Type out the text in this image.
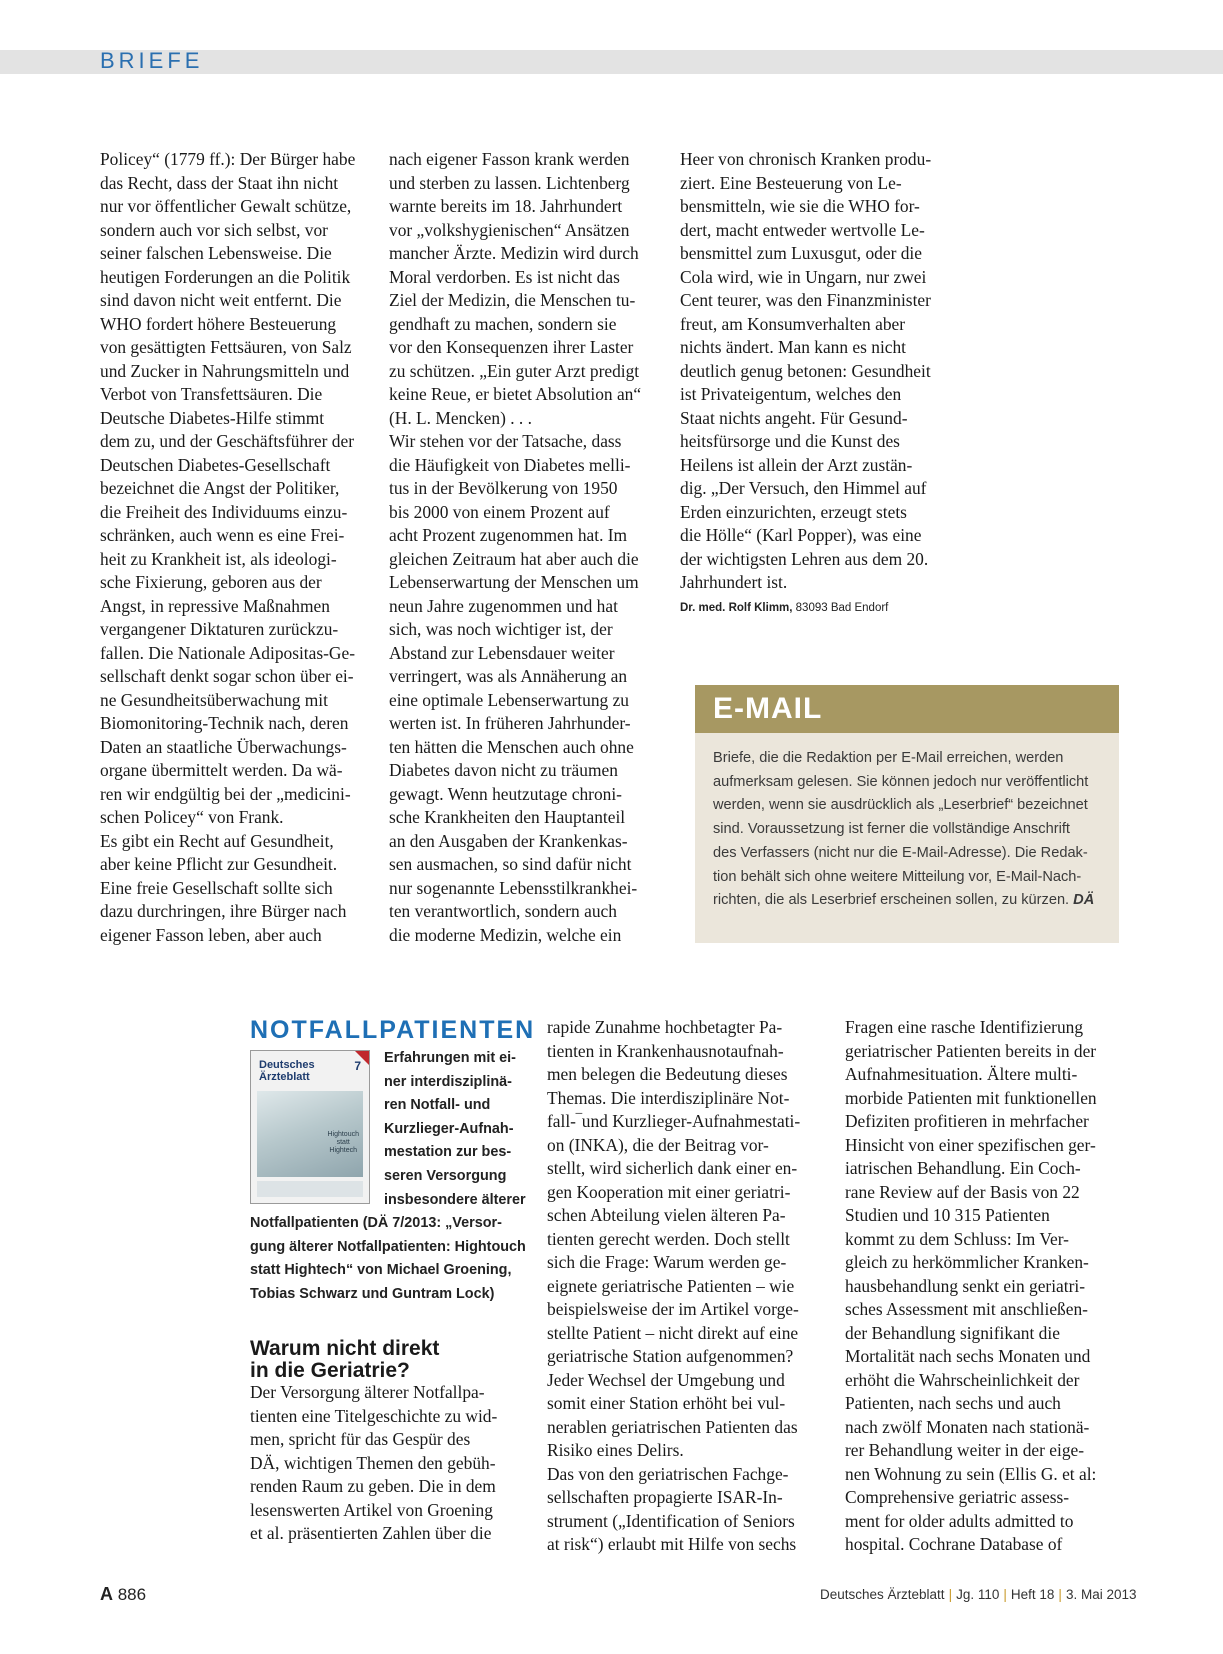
BRIEFE
Policey“ (1779 ff.): Der Bürger habe
das Recht, dass der Staat ihn nicht
nur vor öffentlicher Gewalt schütze,
sondern auch vor sich selbst, vor
seiner falschen Lebensweise. Die
heutigen Forderungen an die Politik
sind davon nicht weit entfernt. Die
WHO fordert höhere Besteuerung
von gesättigten Fettsäuren, von Salz
und Zucker in Nahrungsmitteln und
Verbot von Transfettsäuren. Die
Deutsche Diabetes-Hilfe stimmt
dem zu, und der Geschäftsführer der
Deutschen Diabetes-Gesellschaft
bezeichnet die Angst der Politiker,
die Freiheit des Individuums einzu-
schränken, auch wenn es eine Frei-
heit zu Krankheit ist, als ideologi-
sche Fixierung, geboren aus der
Angst, in repressive Maßnahmen
vergangener Diktaturen zurückzu-
fallen. Die Nationale Adipositas-Ge-
sellschaft denkt sogar schon über ei-
ne Gesundheitsüberwachung mit
Biomonitoring-Technik nach, deren
Daten an staatliche Überwachungs-
organe übermittelt werden. Da wä-
ren wir endgültig bei der „medicini-
schen Policey“ von Frank.
Es gibt ein Recht auf Gesundheit,
aber keine Pflicht zur Gesundheit.
Eine freie Gesellschaft sollte sich
dazu durchringen, ihre Bürger nach
eigener Fasson leben, aber auch
nach eigener Fasson krank werden
und sterben zu lassen. Lichtenberg
warnte bereits im 18. Jahrhundert
vor „volkshygienischen“ Ansätzen
mancher Ärzte. Medizin wird durch
Moral verdorben. Es ist nicht das
Ziel der Medizin, die Menschen tu-
gendhaft zu machen, sondern sie
vor den Konsequenzen ihrer Laster
zu schützen. „Ein guter Arzt predigt
keine Reue, er bietet Absolution an“
(H. L. Mencken) . . .
Wir stehen vor der Tatsache, dass
die Häufigkeit von Diabetes melli-
tus in der Bevölkerung von 1950
bis 2000 von einem Prozent auf
acht Prozent zugenommen hat. Im
gleichen Zeitraum hat aber auch die
Lebenserwartung der Menschen um
neun Jahre zugenommen und hat
sich, was noch wichtiger ist, der
Abstand zur Lebensdauer weiter
verringert, was als Annäherung an
eine optimale Lebenserwartung zu
werten ist. In früheren Jahrhunder-
ten hätten die Menschen auch ohne
Diabetes davon nicht zu träumen
gewagt. Wenn heutzutage chroni-
sche Krankheiten den Hauptanteil
an den Ausgaben der Krankenkas-
sen ausmachen, so sind dafür nicht
nur sogenannte Lebensstilkrankhei-
ten verantwortlich, sondern auch
die moderne Medizin, welche ein
Heer von chronisch Kranken produ-
ziert. Eine Besteuerung von Le-
bensmitteln, wie sie die WHO for-
dert, macht entweder wertvolle Le-
bensmittel zum Luxusgut, oder die
Cola wird, wie in Ungarn, nur zwei
Cent teurer, was den Finanzminister
freut, am Konsumverhalten aber
nichts ändert. Man kann es nicht
deutlich genug betonen: Gesundheit
ist Privateigentum, welches den
Staat nichts angeht. Für Gesund-
heitsfürsorge und die Kunst des
Heilens ist allein der Arzt zustän-
dig. „Der Versuch, den Himmel auf
Erden einzurichten, erzeugt stets
die Hölle“ (Karl Popper), was eine
der wichtigsten Lehren aus dem 20.
Jahrhundert ist.
Dr. med. Rolf Klimm, 83093 Bad Endorf
E-MAIL
Briefe, die die Redaktion per E-Mail erreichen, werden
aufmerksam gelesen. Sie können jedoch nur veröffentlicht
werden, wenn sie ausdrücklich als „Leserbrief“ bezeichnet
sind. Voraussetzung ist ferner die vollständige Anschrift
des Verfassers (nicht nur die E-Mail-Adresse). Die Redak-
tion behält sich ohne weitere Mitteilung vor, E-Mail-Nach-
richten, die als Leserbrief erscheinen sollen, zu kürzen. DÄ
NOTFALLPATIENTEN
Deutsches
Ärzteblatt
7
Hightouch
statt
Hightech
Erfahrungen mit ei-
ner interdisziplinä-
ren Notfall- und
Kurzlieger-Aufnah-
mestation zur bes-
seren Versorgung
insbesondere älterer
Notfallpatienten (DÄ 7/2013: „Versor-
gung älterer Notfallpatienten: Hightouch
statt Hightech“ von Michael Groening,
Tobias Schwarz und Guntram Lock)
Warum nicht direkt
in die Geriatrie?
Der Versorgung älterer Notfallpa-
tienten eine Titelgeschichte zu wid-
men, spricht für das Gespür des
DÄ, wichtigen Themen den gebüh-
renden Raum zu geben. Die in dem
lesenswerten Artikel von Groening
et al. präsentierten Zahlen über die
rapide Zunahme hochbetagter Pa-
tienten in Krankenhausnotaufnah-
men belegen die Bedeutung dieses
Themas. Die interdisziplinäre Not-
fall-‾und Kurzlieger-Aufnahmestati-
on (INKA), die der Beitrag vor-
stellt, wird sicherlich dank einer en-
gen Kooperation mit einer geriatri-
schen Abteilung vielen älteren Pa-
tienten gerecht werden. Doch stellt
sich die Frage: Warum werden ge-
eignete geriatrische Patienten – wie
beispielsweise der im Artikel vorge-
stellte Patient – nicht direkt auf eine
geriatrische Station aufgenommen?
Jeder Wechsel der Umgebung und
somit einer Station erhöht bei vul-
nerablen geriatrischen Patienten das
Risiko eines Delirs.
Das von den geriatrischen Fachge-
sellschaften propagierte ISAR-In-
strument („Identification of Seniors
at risk“) erlaubt mit Hilfe von sechs
Fragen eine rasche Identifizierung
geriatrischer Patienten bereits in der
Aufnahmesituation. Ältere multi-
morbide Patienten mit funktionellen
Defiziten profitieren in mehrfacher
Hinsicht von einer spezifischen ger-
iatrischen Behandlung. Ein Coch-
rane Review auf der Basis von 22
Studien und 10 315 Patienten
kommt zu dem Schluss: Im Ver-
gleich zu herkömmlicher Kranken-
hausbehandlung senkt ein geriatri-
sches Assessment mit anschließen-
der Behandlung signifikant die
Mortalität nach sechs Monaten und
erhöht die Wahrscheinlichkeit der
Patienten, nach sechs und auch
nach zwölf Monaten nach stationä-
rer Behandlung weiter in der eige-
nen Wohnung zu sein (Ellis G. et al:
Comprehensive geriatric assess-
ment for older adults admitted to
hospital. Cochrane Database of
A 886	Deutsches Ärzteblatt | Jg. 110 | Heft 18 | 3. Mai 2013
